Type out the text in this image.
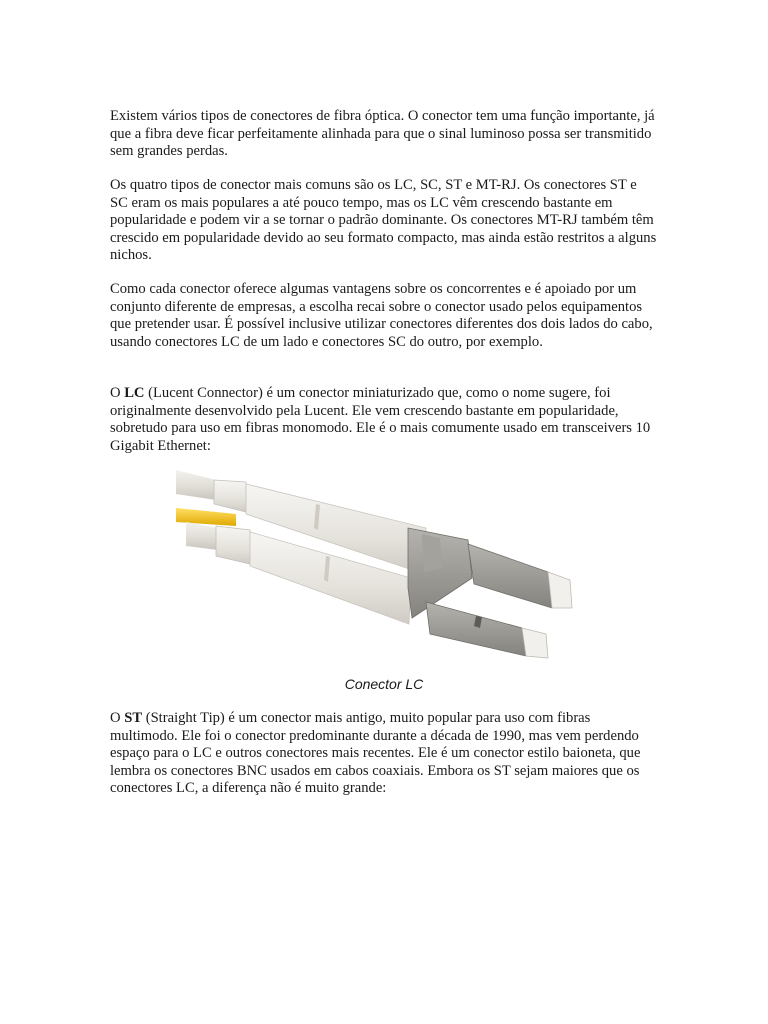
Existem vários tipos de conectores de fibra óptica. O conector tem uma função importante, já que a fibra deve ficar perfeitamente alinhada para que o sinal luminoso possa ser transmitido sem grandes perdas.

Os quatro tipos de conector mais comuns são os LC, SC, ST e MT-RJ. Os conectores ST e SC eram os mais populares a até pouco tempo, mas os LC vêm crescendo bastante em popularidade e podem vir a se tornar o padrão dominante. Os conectores MT-RJ também têm crescido em popularidade devido ao seu formato compacto, mas ainda estão restritos a alguns nichos.

Como cada conector oferece algumas vantagens sobre os concorrentes e é apoiado por um conjunto diferente de empresas, a escolha recai sobre o conector usado pelos equipamentos que pretender usar. É possível inclusive utilizar conectores diferentes dos dois lados do cabo, usando conectores LC de um lado e conectores SC do outro, por exemplo.

O LC (Lucent Connector) é um conector miniaturizado que, como o nome sugere, foi originalmente desenvolvido pela Lucent. Ele vem crescendo bastante em popularidade, sobretudo para uso em fibras monomodo. Ele é o mais comumente usado em transceivers 10 Gigabit Ethernet:

Conector LC

O ST (Straight Tip) é um conector mais antigo, muito popular para uso com fibras multimodo. Ele foi o conector predominante durante a década de 1990, mas vem perdendo espaço para o LC e outros conectores mais recentes. Ele é um conector estilo baioneta, que lembra os conectores BNC usados em cabos coaxiais. Embora os ST sejam maiores que os conectores LC, a diferença não é muito grande:
